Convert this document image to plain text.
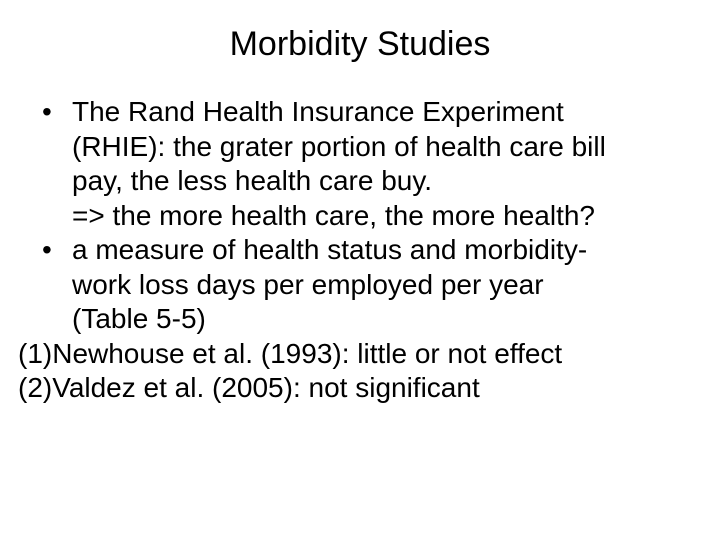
Morbidity Studies
• The Rand Health Insurance Experiment
(RHIE): the grater portion of health care bill
pay, the less health care buy.
=> the more health care, the more health?
• a measure of health status and morbidity-
work loss days per employed per year
(Table 5-5)
(1)Newhouse et al. (1993): little or not effect
(2)Valdez et al. (2005): not significant
